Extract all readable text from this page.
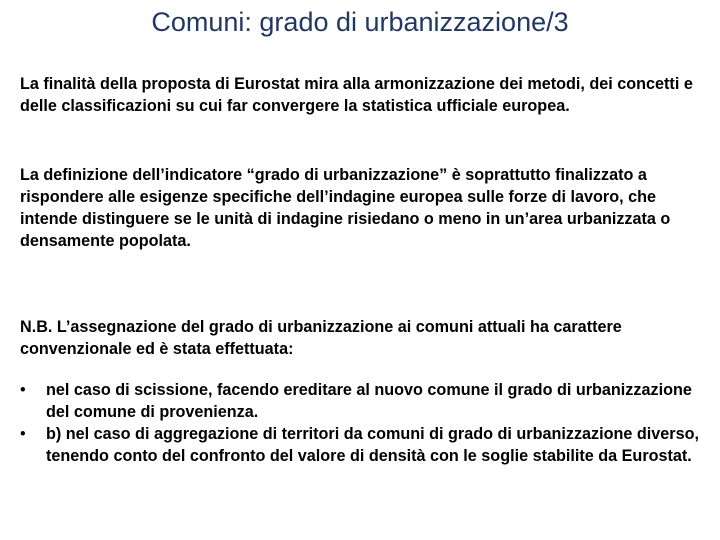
Comuni: grado di urbanizzazione/3
La finalità della proposta di Eurostat mira alla armonizzazione dei metodi, dei concetti e delle classificazioni su cui far convergere la statistica ufficiale europea.
La definizione dell’indicatore “grado di urbanizzazione” è soprattutto finalizzato a rispondere alle esigenze specifiche dell’indagine europea sulle forze di lavoro, che intende distinguere se le unità di indagine risiedano o meno in un’area urbanizzata o densamente popolata.
N.B. L’assegnazione del grado di urbanizzazione ai comuni attuali ha carattere convenzionale ed è stata effettuata:
• nel caso di scissione, facendo ereditare al nuovo comune il grado di urbanizzazione del comune di provenienza.
• b) nel caso di aggregazione di territori da comuni di grado di urbanizzazione diverso, tenendo conto del confronto del valore di densità con le soglie stabilite da Eurostat.
